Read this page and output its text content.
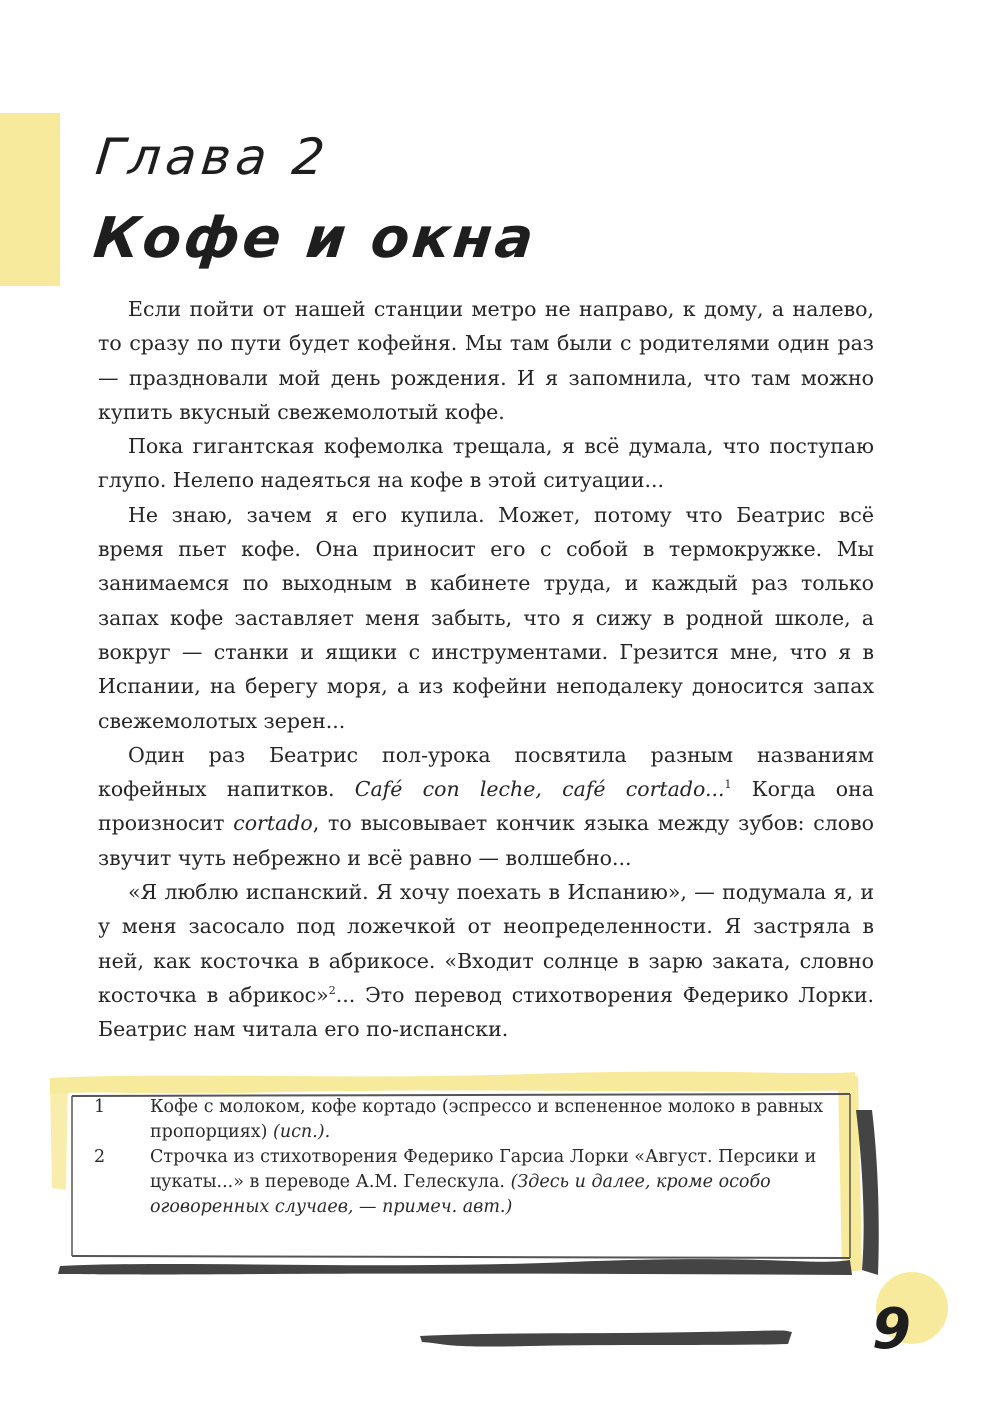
Глава 2
Кофе и окна

Если пойти от нашей станции метро не направо, к дому, а налево, то сразу по пути будет кофейня. Мы там были с родителями один раз — праздновали мой день рождения. И я запомнила, что там можно купить вкусный свежемолотый кофе.

Пока гигантская кофемолка трещала, я всё думала, что поступаю глупо. Нелепо надеяться на кофе в этой ситуации...

Не знаю, зачем я его купила. Может, потому что Беатрис всё время пьет кофе. Она приносит его с собой в термокружке. Мы занимаемся по выходным в кабинете труда, и каждый раз только запах кофе заставляет меня забыть, что я сижу в родной школе, а вокруг — станки и ящики с инструментами. Грезится мне, что я в Испании, на берегу моря, а из кофейни неподалеку доносится запах свежемолотых зерен...

Один раз Беатрис пол-урока посвятила разным названиям кофейных напитков. Café con leche, café cortado...$^1$ Когда она произносит cortado, то высовывает кончик языка между зубов: слово звучит чуть небрежно и всё равно — волшебно...

«Я люблю испанский. Я хочу поехать в Испанию», — подумала я, и у меня засосало под ложечкой от неопределенности. Я застряла в ней, как косточка в абрикосе. «Входит солнце в зарю заката, словно косточка в абрикос»$^2$... Это перевод стихотворения Федерико Лорки. Беатрис нам читала его по-испански.

1	Кофе с молоком, кофе кортадо (эспрессо и вспененное молоко в равных пропорциях) (исп.).
2	Строчка из стихотворения Федерико Гарсиа Лорки «Август. Персики и цукаты...» в переводе А.М. Гелескула. (Здесь и далее, кроме особо оговоренных случаев, — примеч. авт.)
9
